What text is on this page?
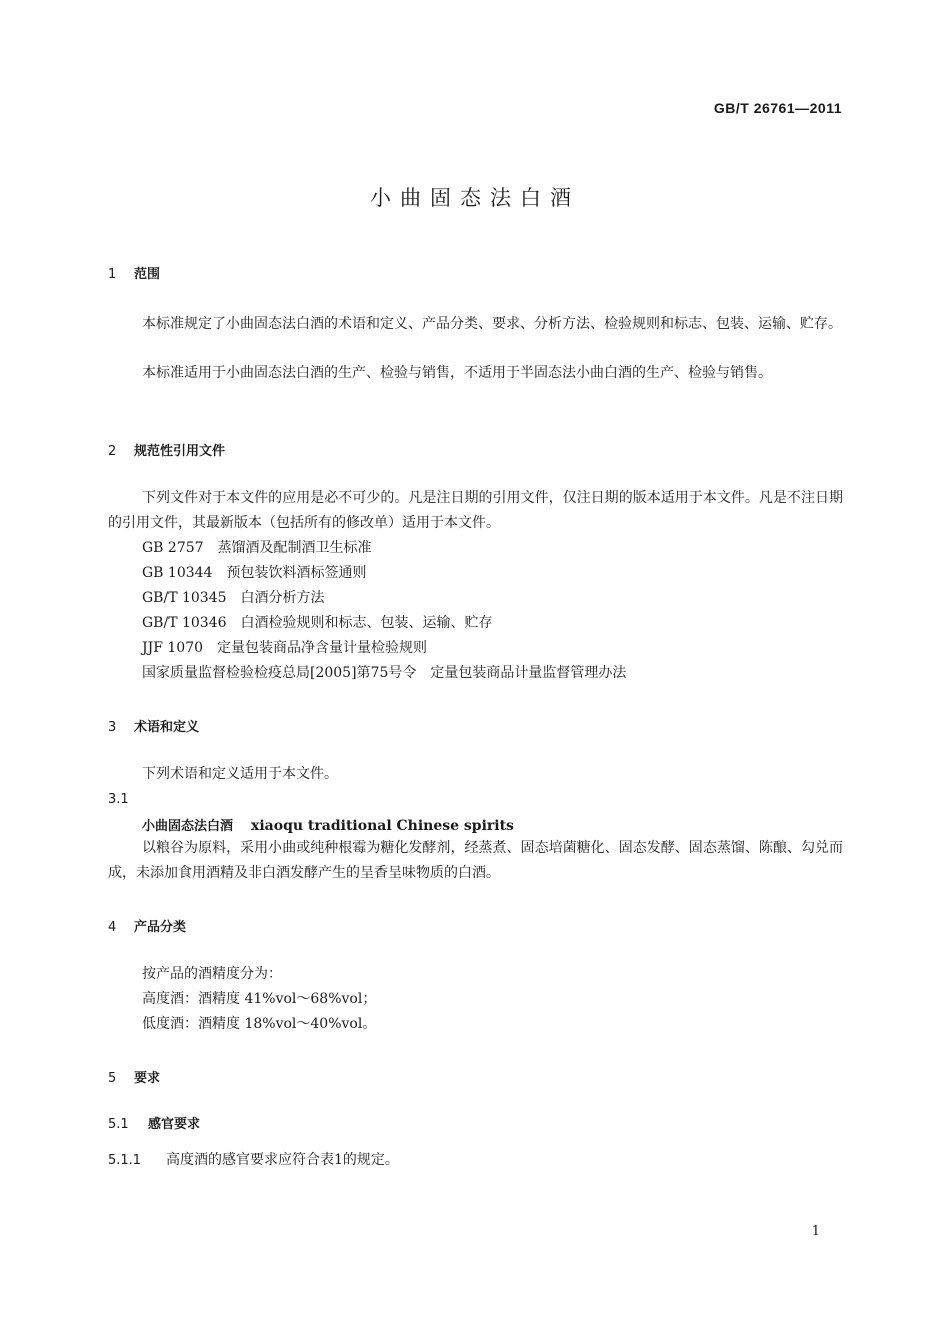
GB/T 26761—2011
小曲固态法白酒
1 范围
本标准规定了小曲固态法白酒的术语和定义、产品分类、要求、分析方法、检验规则和标志、包装、运输、贮存。
本标准适用于小曲固态法白酒的生产、检验与销售，不适用于半固态法小曲白酒的生产、检验与销售。
2 规范性引用文件
下列文件对于本文件的应用是必不可少的。凡是注日期的引用文件，仅注日期的版本适用于本文件。凡是不注日期的引用文件，其最新版本（包括所有的修改单）适用于本文件。
GB 2757 蒸馏酒及配制酒卫生标准
GB 10344 预包装饮料酒标签通则
GB/T 10345 白酒分析方法
GB/T 10346 白酒检验规则和标志、包装、运输、贮存
JJF 1070 定量包装商品净含量计量检验规则
国家质量监督检验检疫总局[2005]第75号令 定量包装商品计量监督管理办法
3 术语和定义
下列术语和定义适用于本文件。
3.1
小曲固态法白酒 xiaoqu traditional Chinese spirits
以粮谷为原料，采用小曲或纯种根霉为糖化发酵剂，经蒸煮、固态培菌糖化、固态发酵、固态蒸馏、陈酿、勾兑而成，未添加食用酒精及非白酒发酵产生的呈香呈味物质的白酒。
4 产品分类
按产品的酒精度分为：
高度酒：酒精度 41%vol～68%vol；
低度酒：酒精度 18%vol～40%vol。
5 要求
5.1 感官要求
5.1.1 高度酒的感官要求应符合表1的规定。
1
